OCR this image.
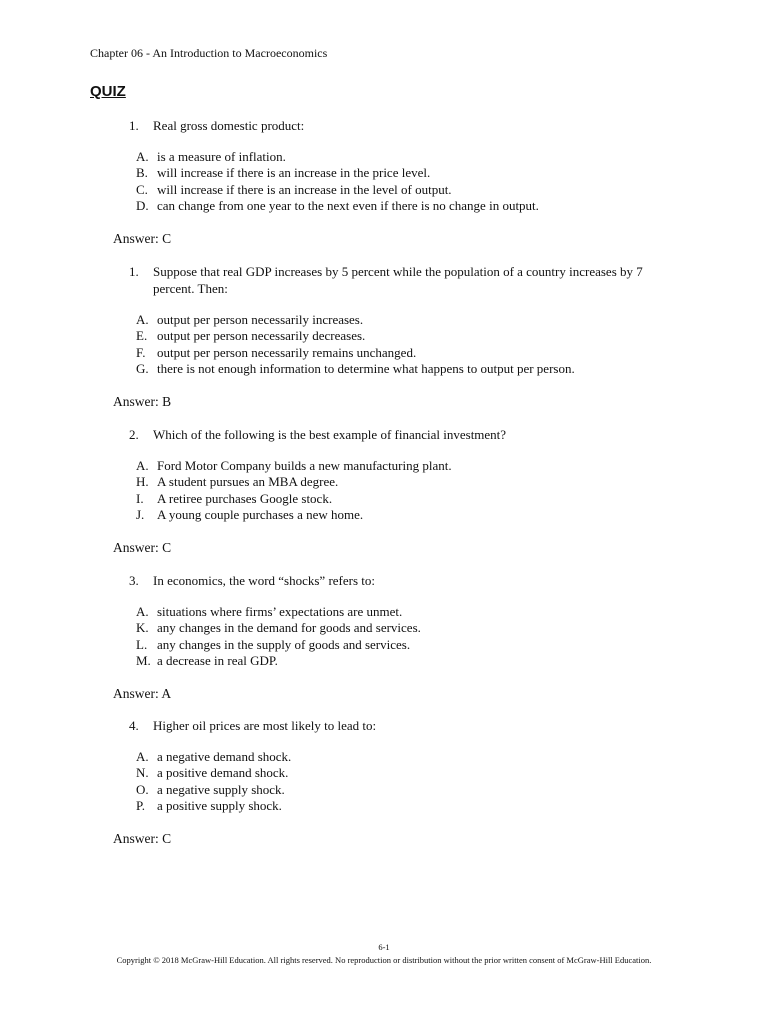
Chapter 06 - An Introduction to Macroeconomics
QUIZ
1.	Real gross domestic product:
A. is a measure of inflation.
B. will increase if there is an increase in the price level.
C. will increase if there is an increase in the level of output.
D. can change from one year to the next even if there is no change in output.
Answer: C
1.	Suppose that real GDP increases by 5 percent while the population of a country increases by 7 percent. Then:
A. output per person necessarily increases.
E. output per person necessarily decreases.
F. output per person necessarily remains unchanged.
G. there is not enough information to determine what happens to output per person.
Answer: B
2.	Which of the following is the best example of financial investment?
A. Ford Motor Company builds a new manufacturing plant.
H. A student pursues an MBA degree.
I.	A retiree purchases Google stock.
J. A young couple purchases a new home.
Answer: C
3.	In economics, the word “shocks” refers to:
A. situations where firms’ expectations are unmet.
K. any changes in the demand for goods and services.
L. any changes in the supply of goods and services.
M. a decrease in real GDP.
Answer: A
4.	Higher oil prices are most likely to lead to:
A. a negative demand shock.
N. a positive demand shock.
O. a negative supply shock.
P. a positive supply shock.
Answer: C
6-1
Copyright © 2018 McGraw-Hill Education. All rights reserved. No reproduction or distribution without the prior written consent of McGraw-Hill Education.
